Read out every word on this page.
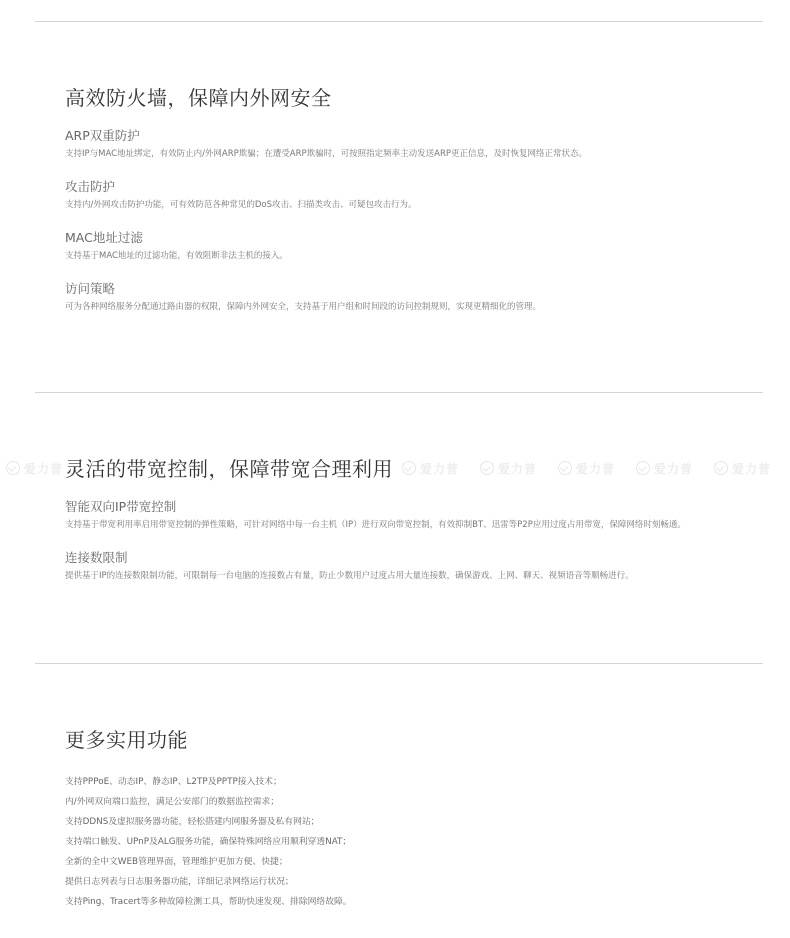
高效防火墙，保障内外网安全
ARP双重防护

支持IP与MAC地址绑定，有效防止内/外网ARP欺骗；在遭受ARP欺骗时，可按照指定频率主动发送ARP更正信息，及时恢复网络正常状态。

攻击防护

支持内/外网攻击防护功能，可有效防范各种常见的DoS攻击、扫描类攻击、可疑包攻击行为。

MAC地址过滤

支持基于MAC地址的过滤功能，有效阻断非法主机的接入。

访问策略

可为各种网络服务分配通过路由器的权限，保障内外网安全，支持基于用户组和时间段的访问控制规则，实现更精细化的管理。

爱力普	爱力普	爱力普	爱力普	爱力普	爱力普
灵活的带宽控制，保障带宽合理利用
智能双向IP带宽控制

支持基于带宽利用率启用带宽控制的弹性策略，可针对网络中每一台主机（IP）进行双向带宽控制，有效抑制BT、迅雷等P2P应用过度占用带宽，保障网络时刻畅通。

连接数限制

提供基于IP的连接数限制功能，可限制每一台电脑的连接数占有量，防止少数用户过度占用大量连接数，确保游戏、上网、聊天、视频语音等顺畅进行。

更多实用功能
支持PPPoE、动态IP、静态IP、L2TP及PPTP接入技术；
内/外网双向端口监控，满足公安部门的数据监控需求；
支持DDNS及虚拟服务器功能，轻松搭建内网服务器及私有网站；
支持端口触发、UPnP及ALG服务功能，确保特殊网络应用顺利穿透NAT；
全新的全中文WEB管理界面，管理维护更加方便、快捷；
提供日志列表与日志服务器功能，详细记录网络运行状况；
支持Ping、Tracert等多种故障检测工具，帮助快速发现、排除网络故障。
